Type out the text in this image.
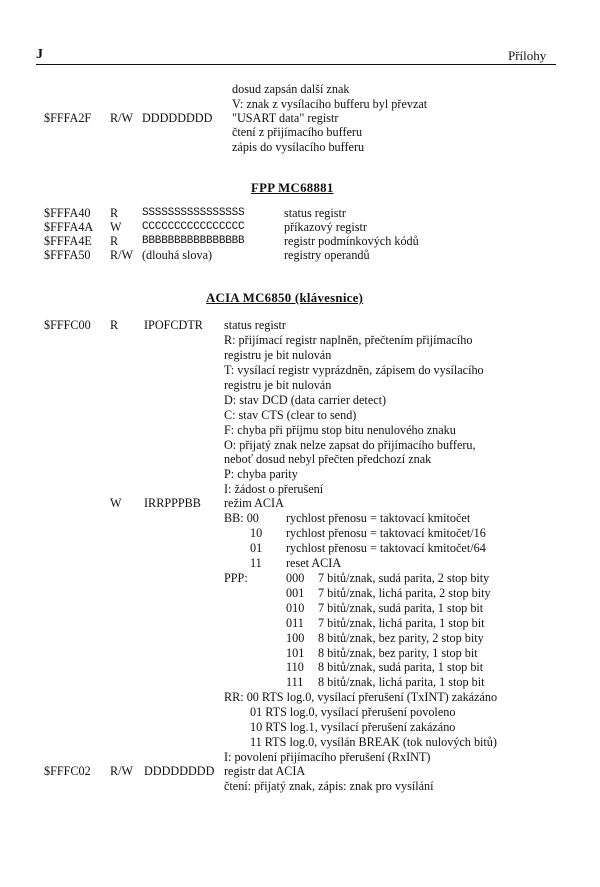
J	Přílohy
dosud zapsán další znak
V: znak z vysílacího bufferu byl převzat
$FFFA2F R/W DDDDDDDD "USART data" registr
čtení z přijímacího bufferu
zápis do vysílacího bufferu
FPP MC68881
$FFFA40 R SSSSSSSSSSSSSSSS	status registr
$FFFA4A W CCCCCCCCCCCCCCCC	příkazový registr
$FFFA4E R BBBBBBBBBBBBBBBB	registr podmínkových kódů
$FFFA50 R/W (dlouhá slova)	registry operandů
ACIA MC6850 (klávesnice)
$FFFC00 R IPOFCDTR status registr
R: přijímací registr naplněn, přečtením přijímacího
registru je bit nulován
T: vysílací registr vyprázdněn, zápisem do vysílacího
registru je bit nulován
D: stav DCD (data carrier detect)
C: stav CTS (clear to send)
F: chyba při příjmu stop bitu nenulového znaku
O: přijatý znak nelze zapsat do přijímacího bufferu,
neboť dosud nebyl přečten předchozí znak
P: chyba parity
I: žádost o přerušení
W IRRPPPBB režim ACIA
BB: 00 rychlost přenosu = taktovací kmitočet
10 rychlost přenosu = taktovací kmitočet/16
01 rychlost přenosu = taktovací kmitočet/64
11 reset ACIA
PPP:	000 7 bitů/znak, sudá parita, 2 stop bity
001 7 bitů/znak, lichá parita, 2 stop bity
010 7 bitů/znak, sudá parita, 1 stop bit
011 7 bitů/znak, lichá parita, 1 stop bit
100 8 bitů/znak, bez parity, 2 stop bity
101 8 bitů/znak, bez parity, 1 stop bit
110 8 bitů/znak, sudá parita, 1 stop bit
111 8 bitů/znak, lichá parita, 1 stop bit
RR: 00 RTS log.0, vysílací přerušení (TxINT) zakázáno
01 RTS log.0, vysílací přerušení povoleno
10 RTS log.1, vysílací přerušení zakázáno
11 RTS log.0, vysílán BREAK (tok nulových bitů)
I: povolení přijímacího přerušení (RxINT)
$FFFC02 R/W DDDDDDDD registr dat ACIA
čtení: přijatý znak, zápis: znak pro vysílání
